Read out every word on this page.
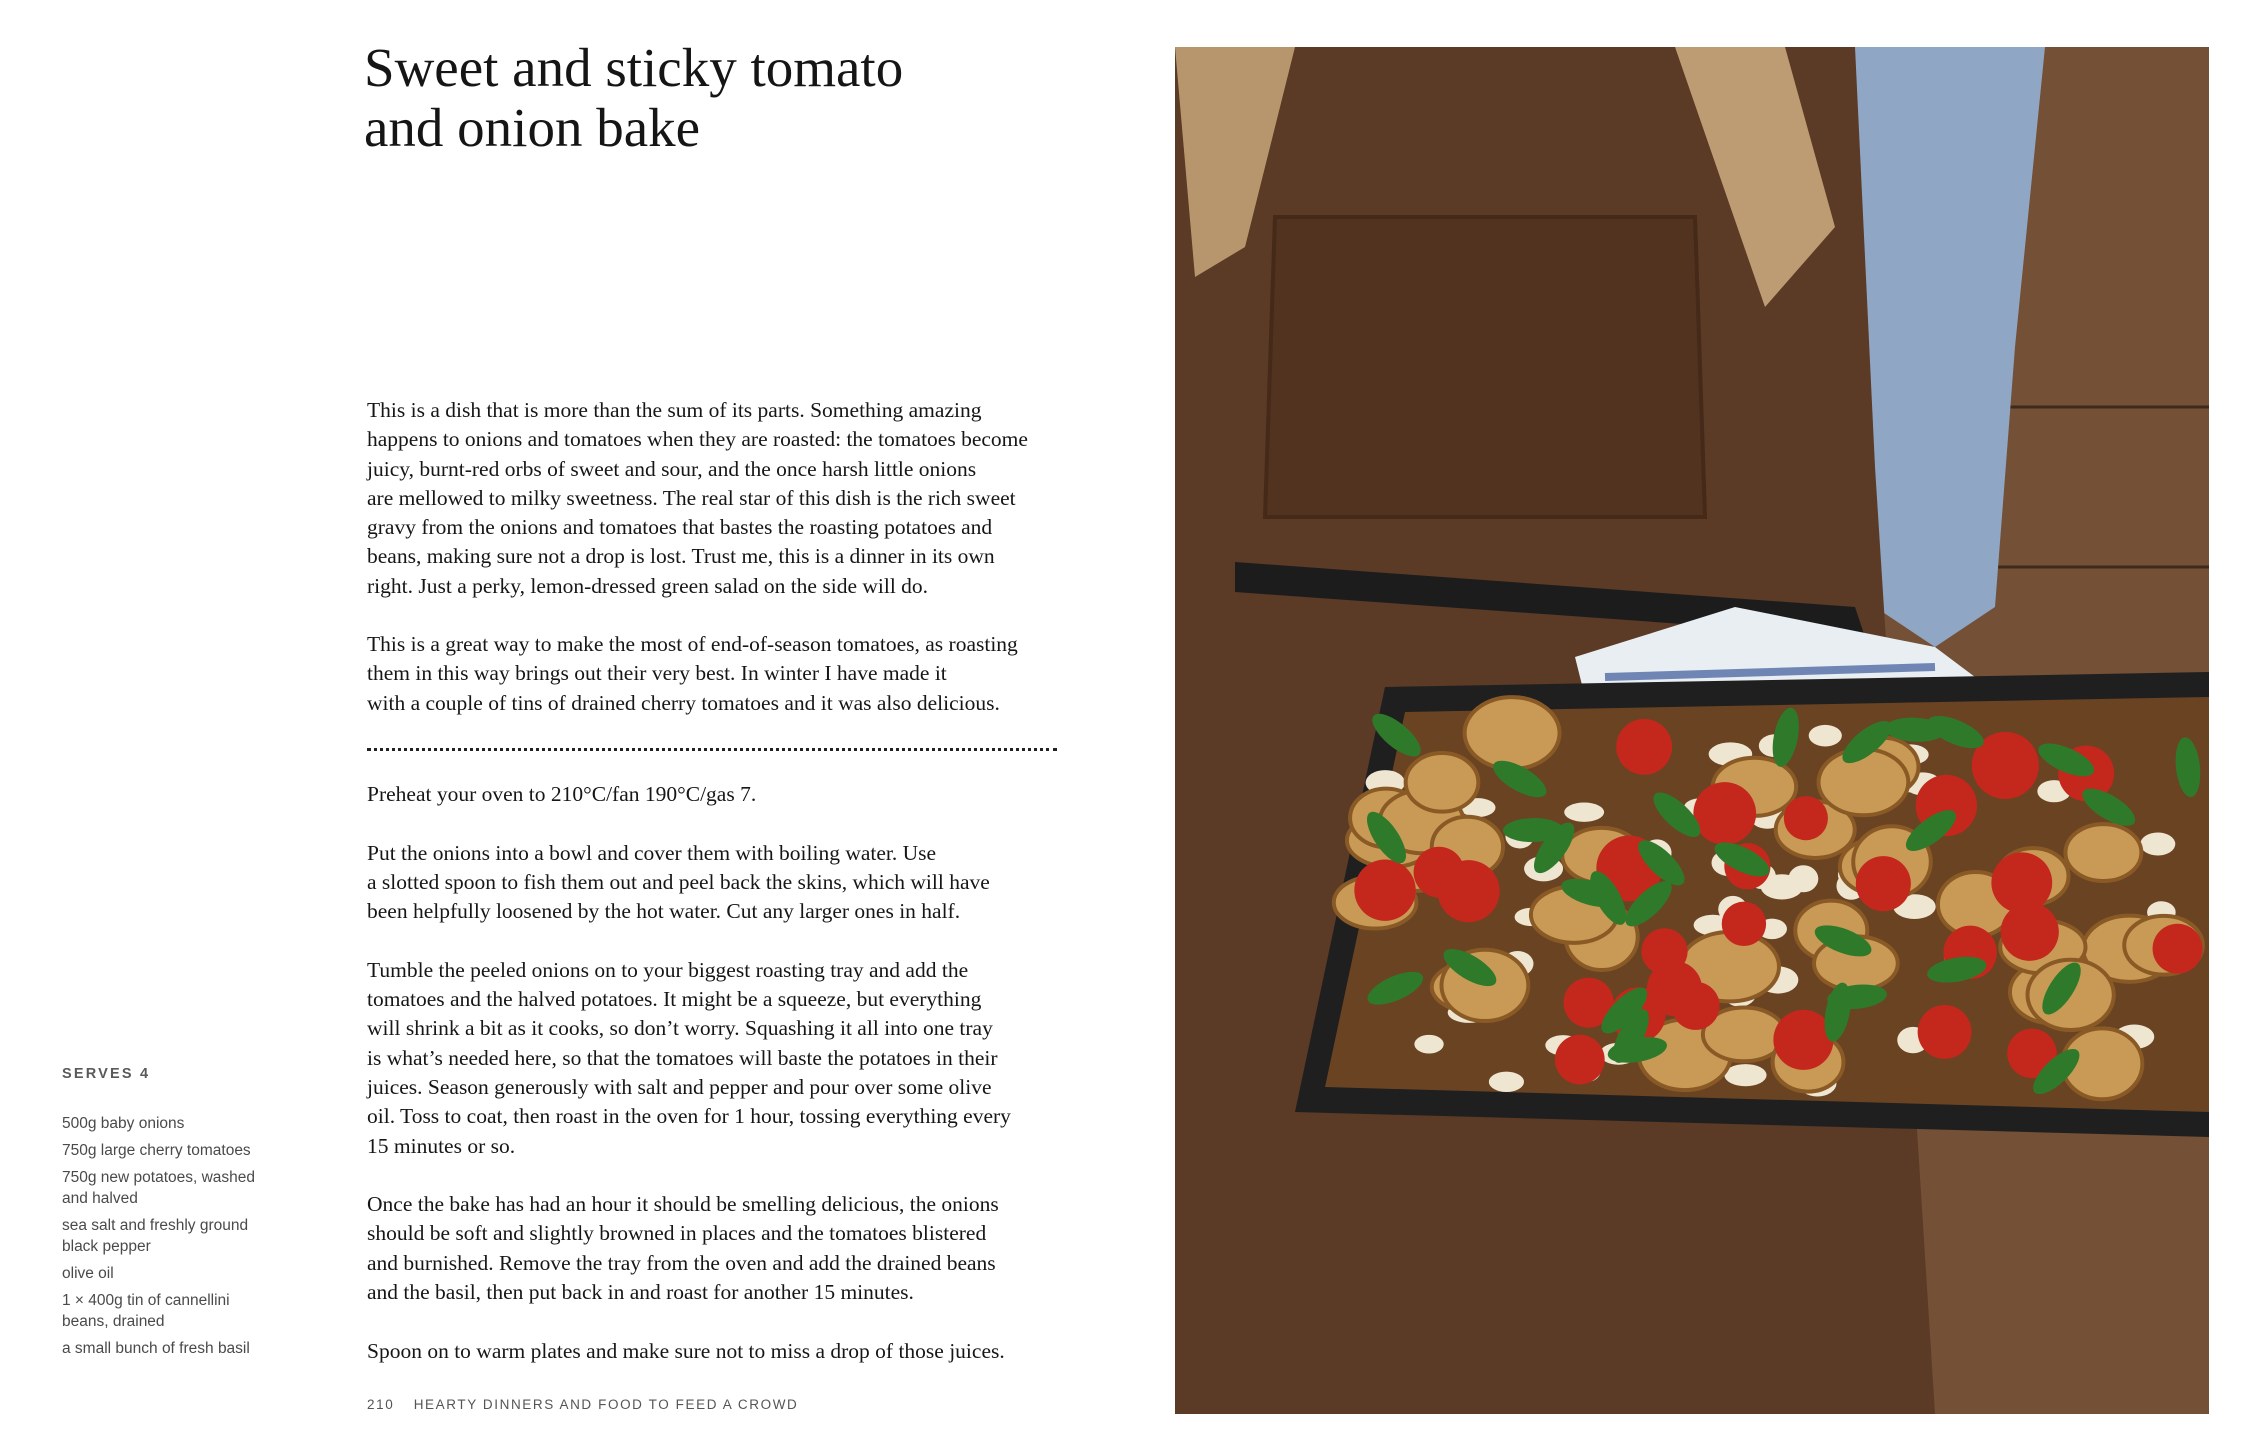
Sweet and sticky tomato
and onion bake

This is a dish that is more than the sum of its parts. Something amazing
happens to onions and tomatoes when they are roasted: the tomatoes become
juicy, burnt-red orbs of sweet and sour, and the once harsh little onions
are mellowed to milky sweetness. The real star of this dish is the rich sweet
gravy from the onions and tomatoes that bastes the roasting potatoes and
beans, making sure not a drop is lost. Trust me, this is a dinner in its own
right. Just a perky, lemon-dressed green salad on the side will do.

This is a great way to make the most of end-of-season tomatoes, as roasting
them in this way brings out their very best. In winter I have made it
with a couple of tins of drained cherry tomatoes and it was also delicious.

Preheat your oven to 210°C/fan 190°C/gas 7.

Put the onions into a bowl and cover them with boiling water. Use
a slotted spoon to fish them out and peel back the skins, which will have
been helpfully loosened by the hot water. Cut any larger ones in half.

Tumble the peeled onions on to your biggest roasting tray and add the
tomatoes and the halved potatoes. It might be a squeeze, but everything
will shrink a bit as it cooks, so don’t worry. Squashing it all into one tray
is what’s needed here, so that the tomatoes will baste the potatoes in their
juices. Season generously with salt and pepper and pour over some olive
oil. Toss to coat, then roast in the oven for 1 hour, tossing everything every
15 minutes or so.

Once the bake has had an hour it should be smelling delicious, the onions
should be soft and slightly browned in places and the tomatoes blistered
and burnished. Remove the tray from the oven and add the drained beans
and the basil, then put back in and roast for another 15 minutes.

Spoon on to warm plates and make sure not to miss a drop of those juices.

SERVES 4
500g baby onions
750g large cherry tomatoes
750g new potatoes, washed
and halved
sea salt and freshly ground
black pepper
olive oil
1 × 400g tin of cannellini
beans, drained
a small bunch of fresh basil
210 HEARTY DINNERS AND FOOD TO FEED A CROWD
